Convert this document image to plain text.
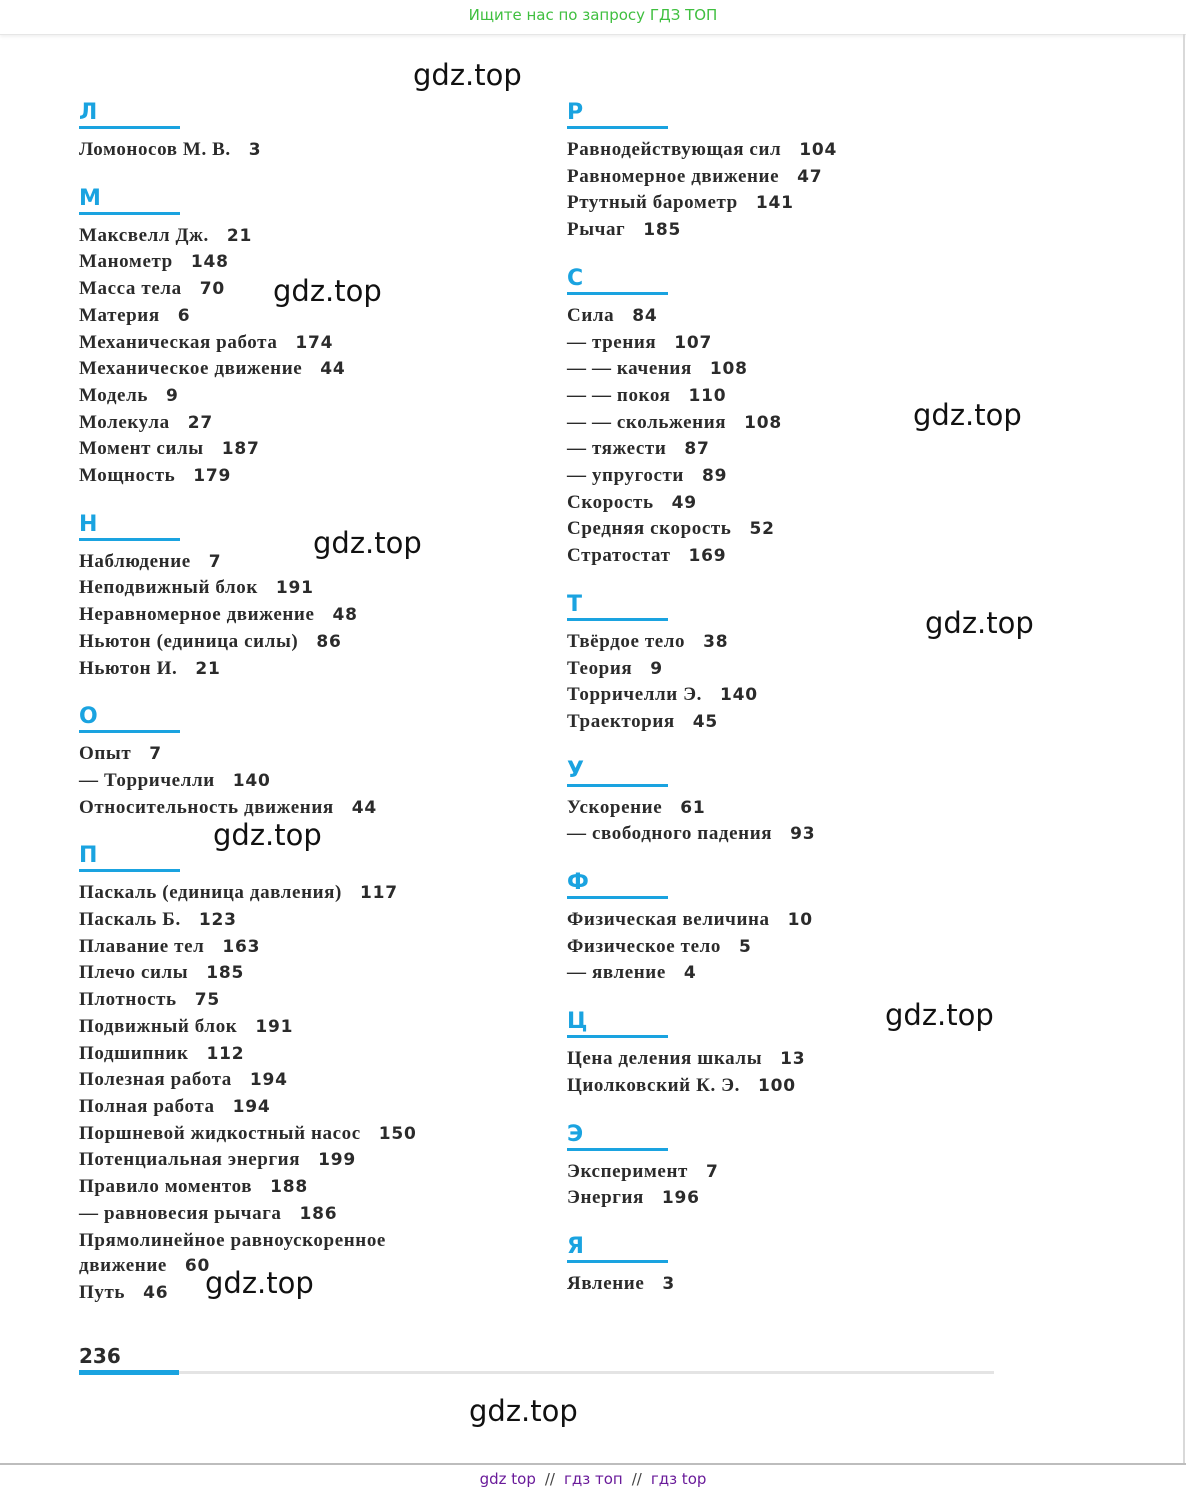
Ищите нас по запросу ГДЗ ТОП
Л
Ломоносов М. В. 3
М
Максвелл Дж. 21
Манометр 148
Масса тела 70
Материя 6
Механическая работа 174
Механическое движение 44
Модель 9
Молекула 27
Момент силы 187
Мощность 179
Н
Наблюдение 7
Неподвижный блок 191
Неравномерное движение 48
Ньютон (единица силы) 86
Ньютон И. 21
О
Опыт 7
— Торричелли 140
Относительность движения 44
П
Паскаль (единица давления) 117
Паскаль Б. 123
Плавание тел 163
Плечо силы 185
Плотность 75
Подвижный блок 191
Подшипник 112
Полезная работа 194
Полная работа 194
Поршневой жидкостный насос 150
Потенциальная энергия 199
Правило моментов 188
— равновесия рычага 186
Прямолинейное равноускоренное
движение 60
Путь 46
Р
Равнодействующая сил 104
Равномерное движение 47
Ртутный барометр 141
Рычаг 185
С
Сила 84
— трения 107
— — качения 108
— — покоя 110
— — скольжения 108
— тяжести 87
— упругости 89
Скорость 49
Средняя скорость 52
Стратостат 169
Т
Твёрдое тело 38
Теория 9
Торричелли Э. 140
Траектория 45
У
Ускорение 61
— свободного падения 93
Ф
Физическая величина 10
Физическое тело 5
— явление 4
Ц
Цена деления шкалы 13
Циолковский К. Э. 100
Э
Эксперимент 7
Энергия 196
Я
Явление 3
236
gdz.top
gdz.top
gdz.top
gdz.top
gdz.top
gdz.top
gdz.top
gdz.top
gdz.top
gdz top // гдз топ // гдз top
